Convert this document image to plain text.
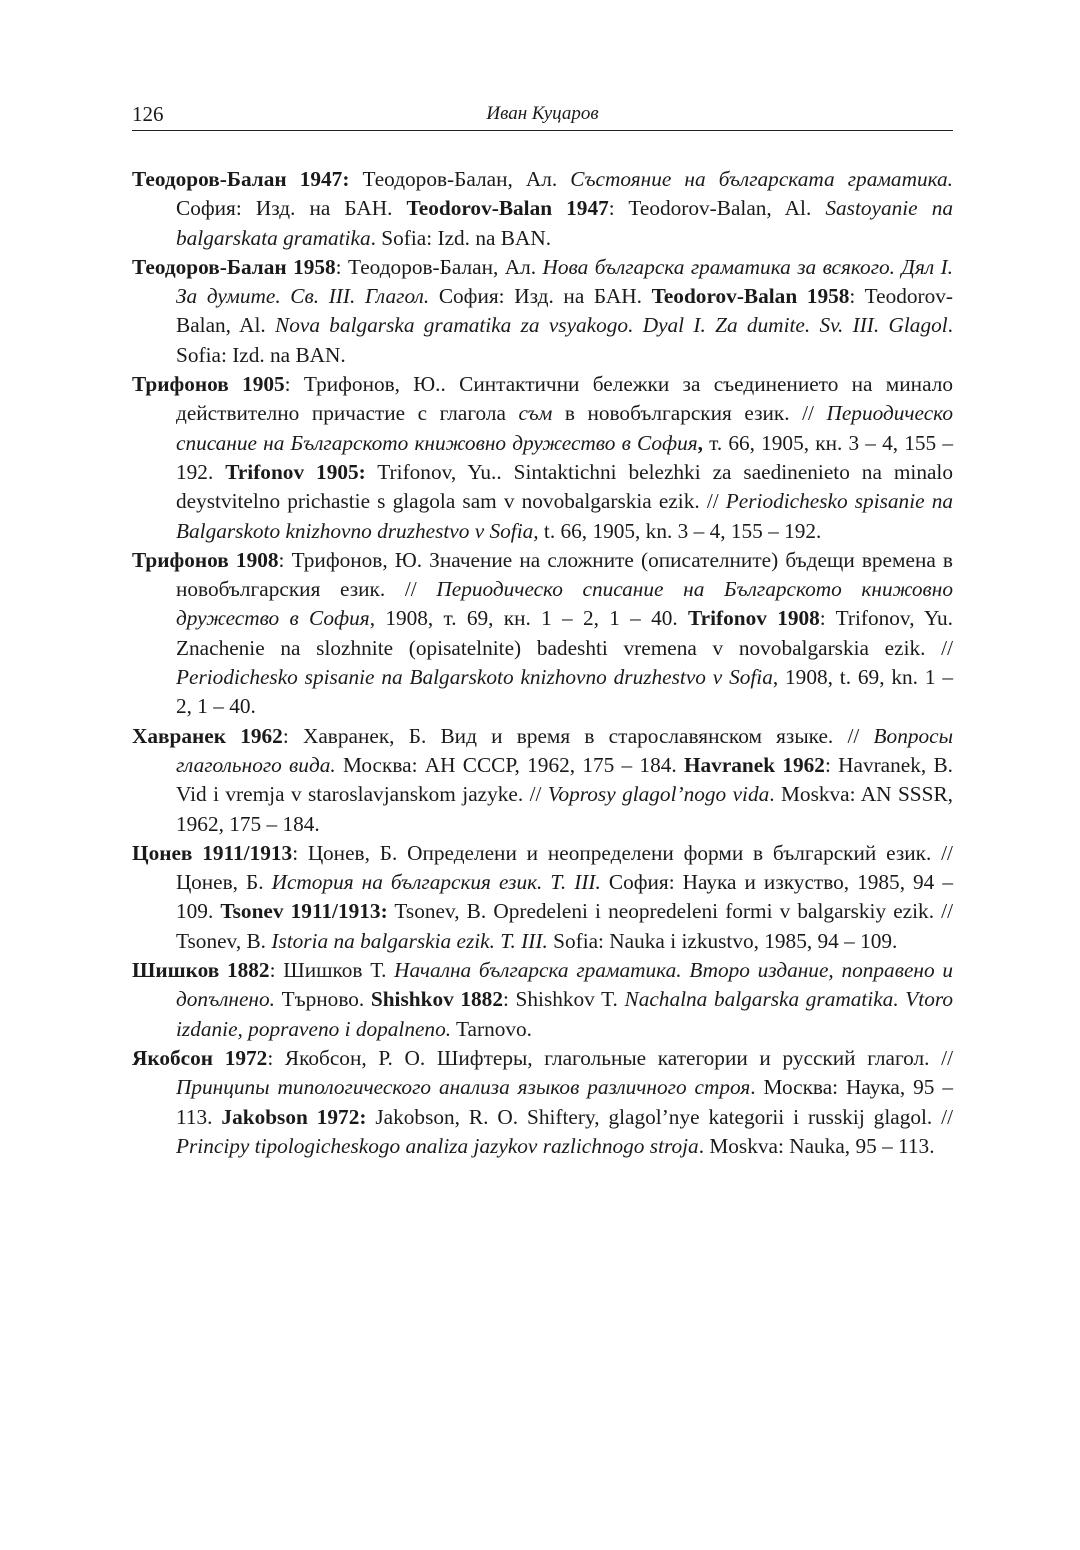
126	Иван Куцаров

Теодоров-Балан 1947: Теодоров-Балан, Ал. Състояние на българската граматика. София: Изд. на БАН. Teodorov-Balan 1947: Teodorov-Balan, Al. Sastoyanie na balgarskata gramatika. Sofia: Izd. na BAN.

Теодоров-Балан 1958: Теодоров-Балан, Ал. Нова българска граматика за всякого. Дял I. За думите. Св. III. Глагол. София: Изд. на БАН. Teodorov-Balan 1958: Teodorov-Balan, Al. Nova balgarska gramatika za vsyakogo. Dyal I. Za dumite. Sv. III. Glagol. Sofia: Izd. na BAN.

Трифонов 1905: Трифонов, Ю.. Синтактични бележки за съединението на минало действително причастие с глагола съм в новобългарския език. // Периодическо списание на Българското книжовно дружество в София, т. 66, 1905, кн. 3 – 4, 155 – 192. Trifonov 1905: Trifonov, Yu.. Sintaktichni belezhki za saedinenieto na minalo deystvitelno prichastie s glagola sam v novobalgarskia ezik. // Periodichesko spisanie na Balgarskoto knizhovno druzhestvo v Sofia, t. 66, 1905, kn. 3 – 4, 155 – 192.

Трифонов 1908: Трифонов, Ю. Значение на сложните (описателните) бъдещи времена в новобългарския език. // Периодическо списание на Българското книжовно дружество в София, 1908, т. 69, кн. 1 – 2, 1 – 40. Trifonov 1908: Trifonov, Yu. Znachenie na slozhnite (opisatelnite) badeshti vremena v novobalgarskia ezik. // Periodichesko spisanie na Balgarskoto knizhovno druzhestvo v Sofia, 1908, t. 69, kn. 1 – 2, 1 – 40.

Хавранек 1962: Хавранек, Б. Вид и время в старославянском языке. // Вопросы глагольного вида. Москва: АН СССР, 1962, 175 – 184. Havranek 1962: Havranek, B. Vid i vremja v staroslavjanskom jazyke. // Voprosy glagol’nogo vida. Moskva: AN SSSR, 1962, 175 – 184.

Цонев 1911/1913: Цонев, Б. Определени и неопределени форми в българский език. // Цонев, Б. История на българския език. Т. III. София: Наука и изкуство, 1985, 94 – 109. Tsonev 1911/1913: Tsonev, B. Opredeleni i neopredeleni formi v balgarskiy ezik. // Tsonev, B. Istoria na balgarskia ezik. T. III. Sofia: Nauka i izkustvo, 1985, 94 – 109.

Шишков 1882: Шишков Т. Начална българска граматика. Второ издание, поправено и допълнено. Търново. Shishkov 1882: Shishkov T. Nachalna balgarska gramatika. Vtoro izdanie, popraveno i dopalneno. Tarnovo.

Якобсон 1972: Якобсон, Р. О. Шифтеры, глагольные категории и русский глагол. // Принципы типологического анализа языков различного строя. Москва: Наука, 95 – 113. Jakobson 1972: Jakobson, R. O. Shiftery, glagol’nye kategorii i russkij glagol. // Principy tipologicheskogo analiza jazykov razlichnogo stroja. Moskva: Nauka, 95 – 113.
